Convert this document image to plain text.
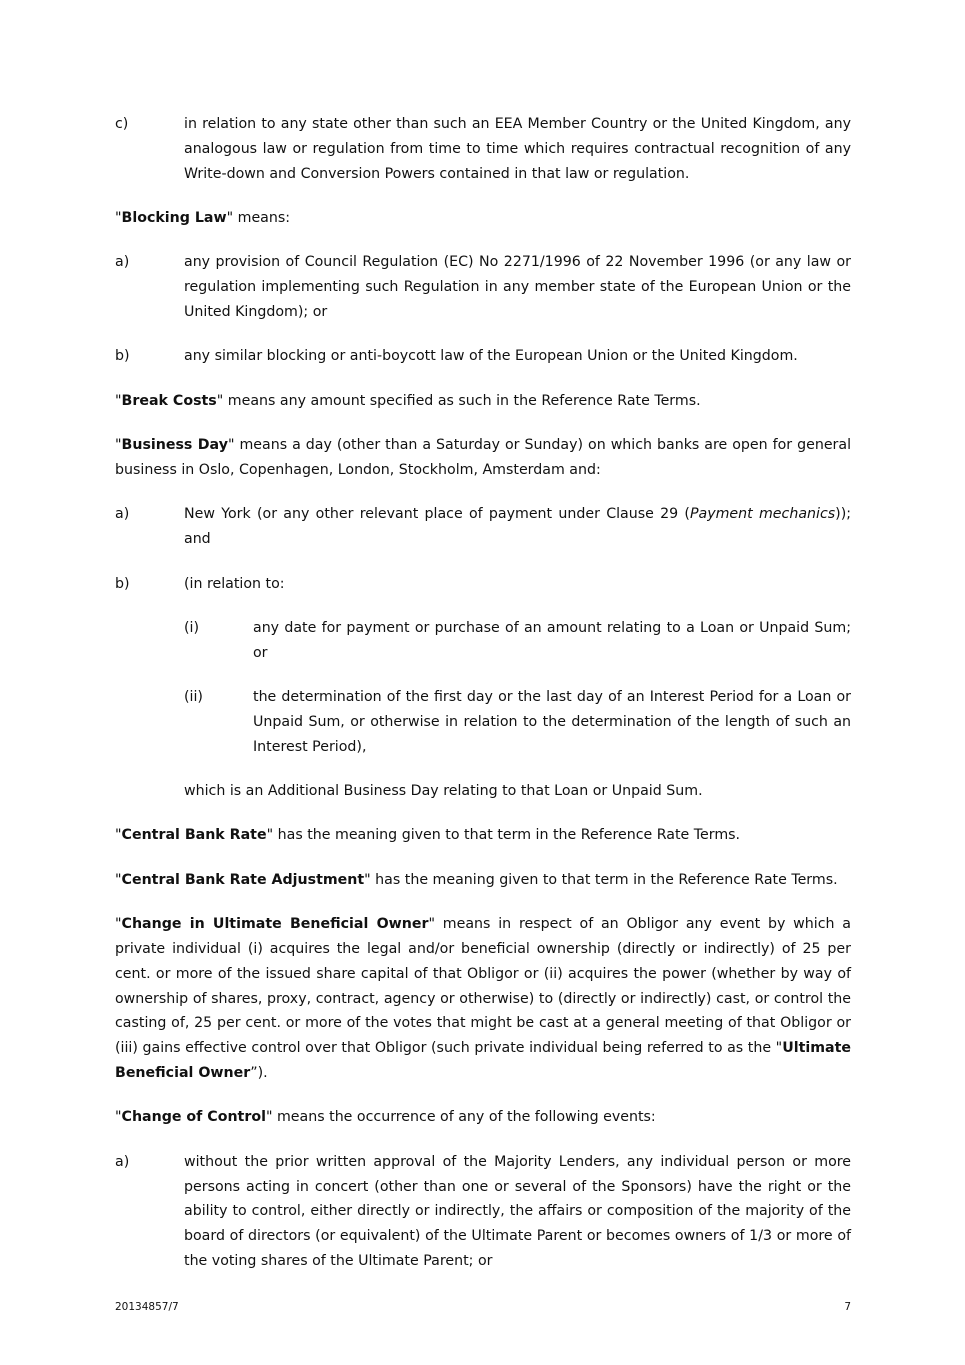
c)	in relation to any state other than such an EEA Member Country or the United Kingdom, any analogous law or regulation from time to time which requires contractual recognition of any Write-down and Conversion Powers contained in that law or regulation.

"Blocking Law" means:

a)	any provision of Council Regulation (EC) No 2271/1996 of 22 November 1996 (or any law or regulation implementing such Regulation in any member state of the European Union or the United Kingdom); or
b)	any similar blocking or anti-boycott law of the European Union or the United Kingdom.

"Break Costs" means any amount specified as such in the Reference Rate Terms.

"Business Day" means a day (other than a Saturday or Sunday) on which banks are open for general business in Oslo, Copenhagen, London, Stockholm, Amsterdam and:

a)	New York (or any other relevant place of payment under Clause 29 (Payment mechanics)); and
b)	(in relation to:
(i)	any date for payment or purchase of an amount relating to a Loan or Unpaid Sum; or
(ii)	the determination of the first day or the last day of an Interest Period for a Loan or Unpaid Sum, or otherwise in relation to the determination of the length of such an Interest Period),
which is an Additional Business Day relating to that Loan or Unpaid Sum.

"Central Bank Rate" has the meaning given to that term in the Reference Rate Terms.

"Central Bank Rate Adjustment" has the meaning given to that term in the Reference Rate Terms.

"Change in Ultimate Beneficial Owner" means in respect of an Obligor any event by which a private individual (i) acquires the legal and/or beneficial ownership (directly or indirectly) of 25 per cent. or more of the issued share capital of that Obligor or (ii) acquires the power (whether by way of ownership of shares, proxy, contract, agency or otherwise) to (directly or indirectly) cast, or control the casting of, 25 per cent. or more of the votes that might be cast at a general meeting of that Obligor or (iii) gains effective control over that Obligor (such private individual being referred to as the "Ultimate Beneficial Owner”).

"Change of Control" means the occurrence of any of the following events:

a)	without the prior written approval of the Majority Lenders, any individual person or more persons acting in concert (other than one or several of the Sponsors) have the right or the ability to control, either directly or indirectly, the affairs or composition of the majority of the board of directors (or equivalent) of the Ultimate Parent or becomes owners of 1/3 or more of the voting shares of the Ultimate Parent; or
20134857/7	7
